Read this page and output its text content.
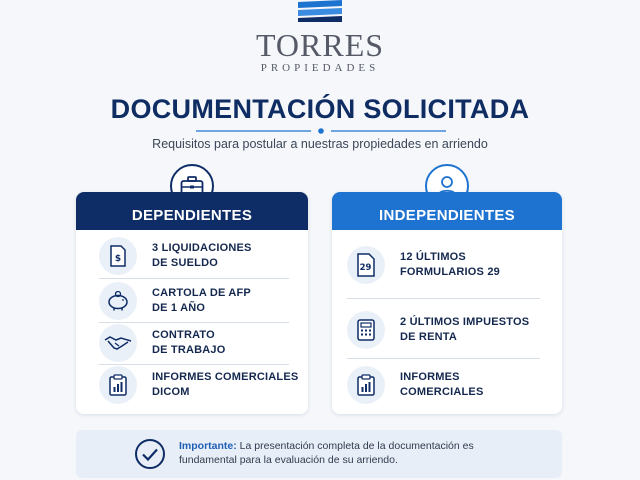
TORRES
PROPIEDADES
DOCUMENTACIÓN SOLICITADA
Requisitos para postular a nuestras propiedades en arriendo
DEPENDIENTES
$
3 LIQUIDACIONES
DE SUELDO
CARTOLA DE AFP
DE 1 AÑO
CONTRATO
DE TRABAJO
INFORMES COMERCIALES
DICOM
INDEPENDIENTES
29
12 ÚLTIMOS
FORMULARIOS 29
2 ÚLTIMOS IMPUESTOS
DE RENTA
INFORMES
COMERCIALES
Importante: La presentación completa de la documentación es fundamental para la evaluación de su arriendo.
